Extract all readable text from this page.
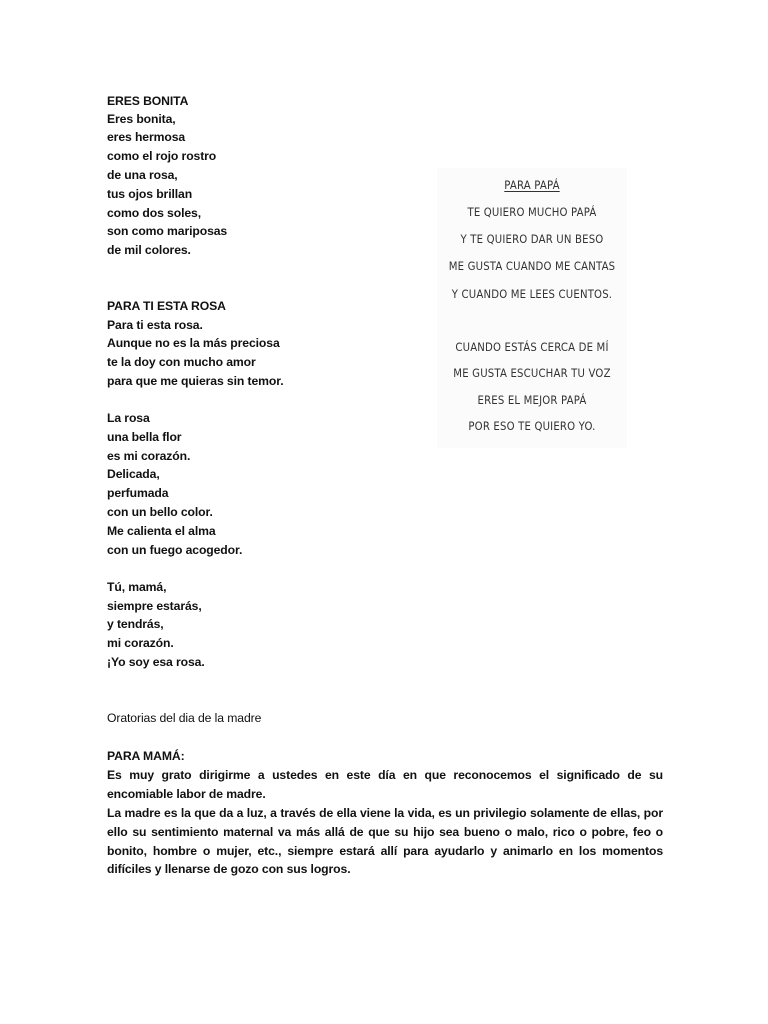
ERES BONITA
Eres bonita,
eres hermosa
como el rojo rostro
de una rosa,
tus ojos brillan
como dos soles,
son como mariposas
de mil colores.
PARA TI ESTA ROSA
Para ti esta rosa.
Aunque no es la más preciosa
te la doy con mucho amor
para que me quieras sin temor.
La rosa
una bella flor
es mi corazón.
Delicada,
perfumada
con un bello color.
Me calienta el alma
con un fuego acogedor.
Tú, mamá,
siempre estarás,
y tendrás,
mi corazón.
¡Yo soy esa rosa.
Oratorias del dia de la madre
PARA MAMÁ:
Es muy grato dirigirme a ustedes en este día en que reconocemos el significado de su encomiable labor de madre.
La madre es la que da a luz, a través de ella viene la vida, es un privilegio solamente de ellas, por ello su sentimiento maternal va más allá de que su hijo sea bueno o malo, rico o pobre, feo o bonito, hombre o mujer, etc., siempre estará allí para ayudarlo y animarlo en los momentos difíciles y llenarse de gozo con sus logros.
PARA PAPÁ
TE QUIERO MUCHO PAPÁ
Y TE QUIERO DAR UN BESO
ME GUSTA CUANDO ME CANTAS
Y CUANDO ME LEES CUENTOS.
CUANDO ESTÁS CERCA DE MÍ
ME GUSTA ESCUCHAR TU VOZ
ERES EL MEJOR PAPÁ
POR ESO TE QUIERO YO.
